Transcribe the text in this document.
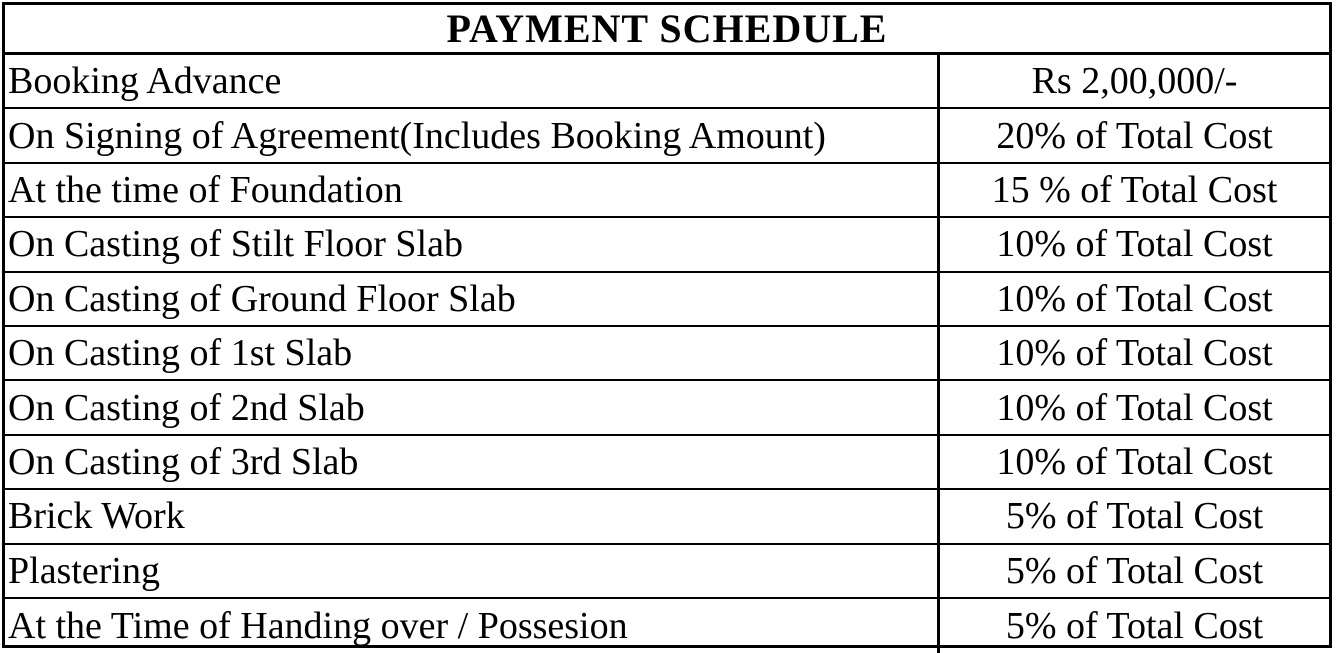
PAYMENT SCHEDULE
Booking Advance	Rs 2,00,000/-
On Signing of Agreement(Includes Booking Amount)	20% of Total Cost
At the time of Foundation	15 % of Total Cost
On Casting of Stilt Floor Slab	10% of Total Cost
On Casting of Ground Floor Slab	10% of Total Cost
On Casting of 1st Slab	10% of Total Cost
On Casting of 2nd Slab	10% of Total Cost
On Casting of 3rd Slab	10% of Total Cost
Brick Work	5% of Total Cost
Plastering	5% of Total Cost
At the Time of Handing over / Possesion	5% of Total Cost
